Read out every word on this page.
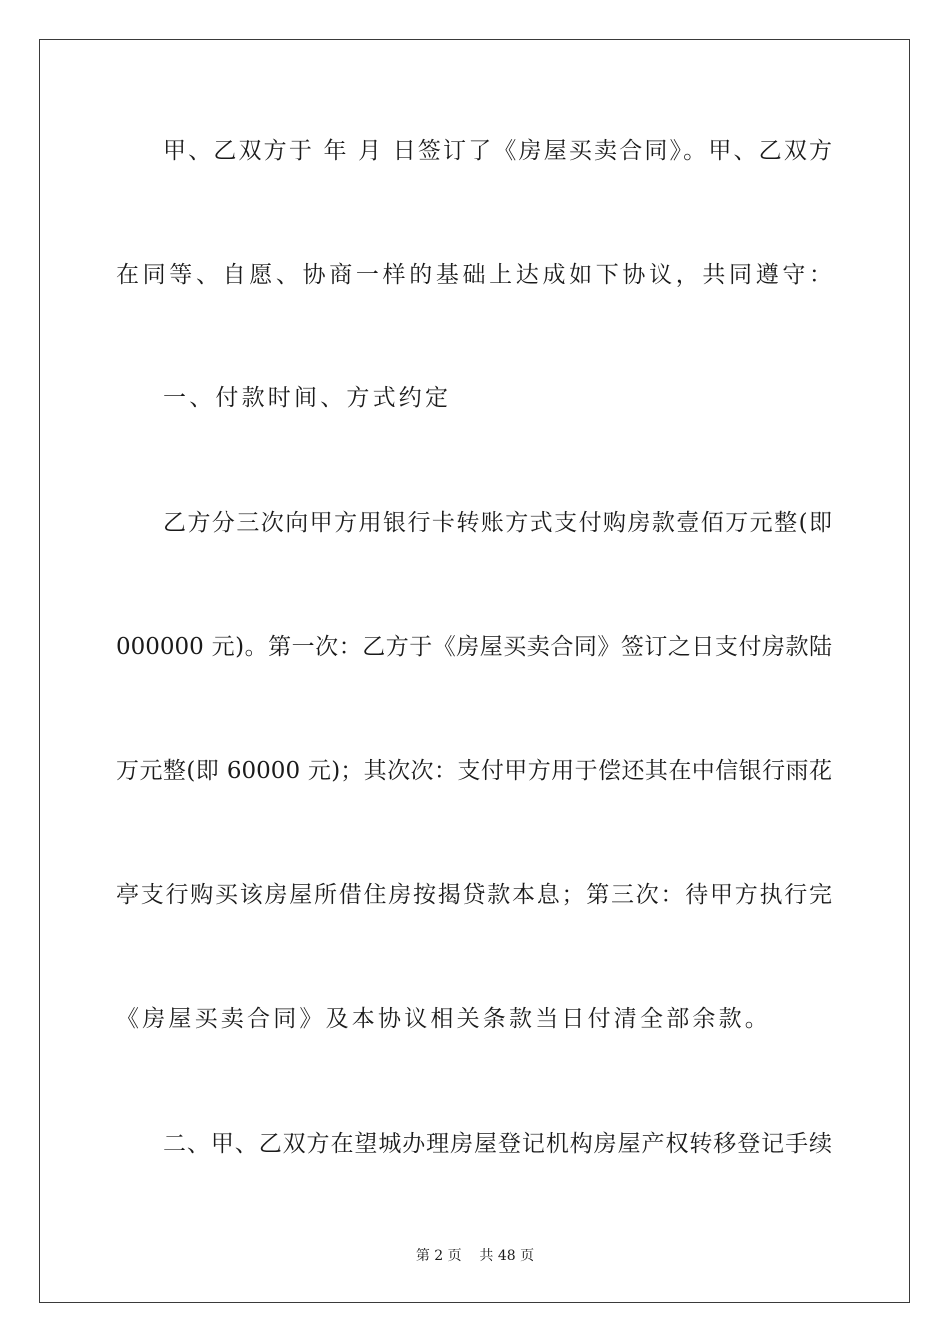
甲、乙双方于 年 月 日签订了《房屋买卖合同》。甲、乙双方
在同等、自愿、协商一样的基础上达成如下协议，共同遵守：
一、付款时间、方式约定
乙方分三次向甲方用银行卡转账方式支付购房款壹佰万元整(即
000000 元)。第一次：乙方于《房屋买卖合同》签订之日支付房款陆
万元整(即 60000 元)；其次次：支付甲方用于偿还其在中信银行雨花
亭支行购买该房屋所借住房按揭贷款本息；第三次：待甲方执行完
《房屋买卖合同》及本协议相关条款当日付清全部余款。
二、甲、乙双方在望城办理房屋登记机构房屋产权转移登记手续
第 2 页    共 48 页
